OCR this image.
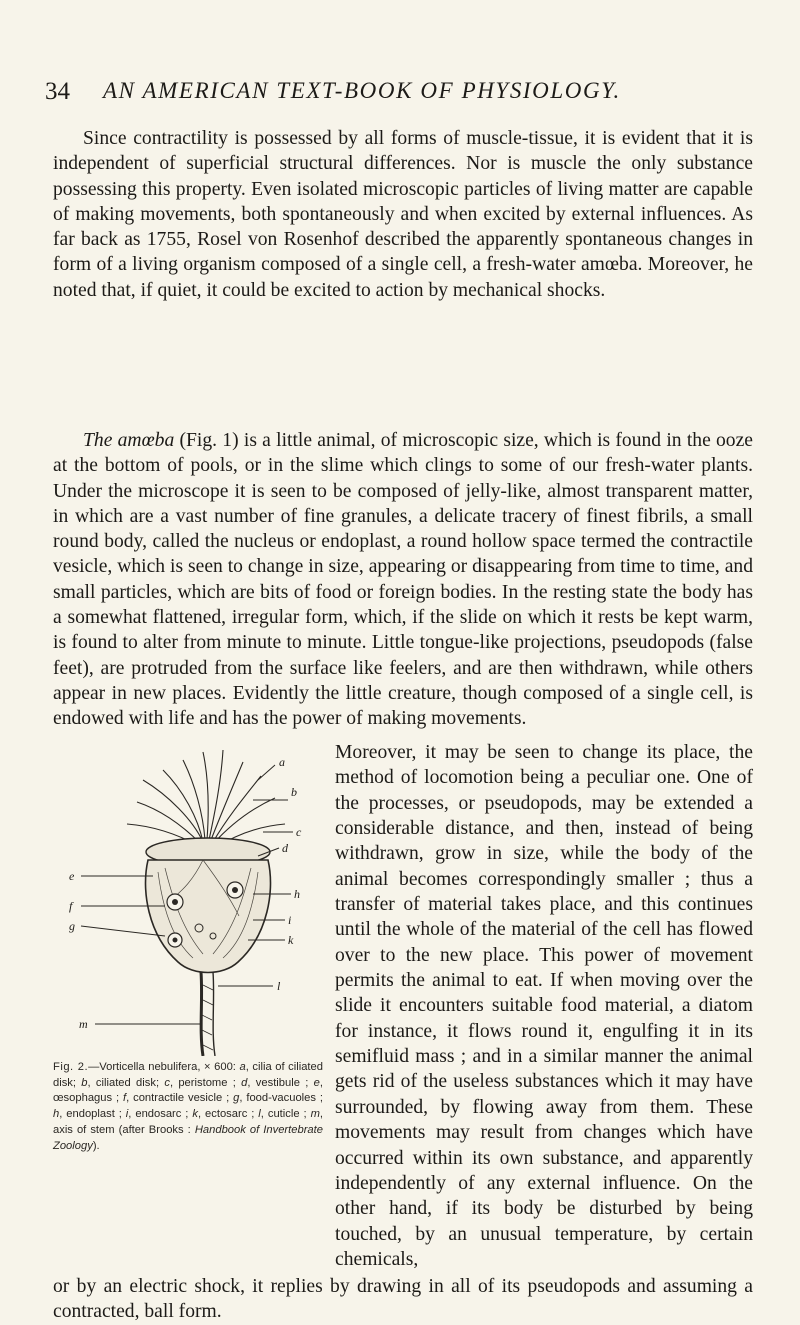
34 AN AMERICAN TEXT-BOOK OF PHYSIOLOGY.

Since contractility is possessed by all forms of muscle-tissue, it is evident that it is independent of superficial structural differences. Nor is muscle the only substance possessing this property. Even isolated microscopic particles of living matter are capable of making movements, both spontaneously and when excited by external influences. As far back as 1755, Rosel von Rosenhof described the apparently spontaneous changes in form of a living organism composed of a single cell, a fresh-water amœba. Moreover, he noted that, if quiet, it could be excited to action by mechanical shocks.

The amœba (Fig. 1) is a little animal, of microscopic size, which is found in the ooze at the bottom of pools, or in the slime which clings to some of our fresh-water plants. Under the microscope it is seen to be composed of jelly-like, almost transparent matter, in which are a vast number of fine granules, a delicate tracery of finest fibrils, a small round body, called the nucleus or endoplast, a round hollow space termed the contractile vesicle, which is seen to change in size, appearing or disappearing from time to time, and small particles, which are bits of food or foreign bodies. In the resting state the body has a somewhat flattened, irregular form, which, if the slide on which it rests be kept warm, is found to alter from minute to minute. Little tongue-like projections, pseudopods (false feet), are protruded from the surface like feelers, and are then withdrawn, while others appear in new places. Evidently the little creature, though composed of a single cell, is endowed with life and has the power of making movements.
a
b
c
d
h
i
k
l
e
f
g
m
Fig. 2.—Vorticella nebulifera, × 600: a, cilia of ciliated disk; b, ciliated disk; c, peristome ; d, vestibule ; e, œsophagus ; f, contractile vesicle ; g, food-vacuoles ; h, endoplast ; i, endosarc ; k, ectosarc ; l, cuticle ; m, axis of stem (after Brooks : Handbook of Invertebrate Zoology).
Moreover, it may be seen to change its place, the method of locomotion being a peculiar one. One of the processes, or pseudopods, may be extended a considerable distance, and then, instead of being withdrawn, grow in size, while the body of the animal becomes correspondingly smaller ; thus a transfer of material takes place, and this continues until the whole of the material of the cell has flowed over to the new place. This power of movement permits the animal to eat. If when moving over the slide it encounters suitable food material, a diatom for instance, it flows round it, engulfing it in its semifluid mass ; and in a similar manner the animal gets rid of the useless substances which it may have surrounded, by flowing away from them. These movements may result from changes which have occurred within its own substance, and apparently independently of any external influence. On the other hand, if its body be disturbed by being touched, by an unusual temperature, by certain chemicals,
or by an electric shock, it replies by drawing in all of its pseudopods and assuming a contracted, ball form.
